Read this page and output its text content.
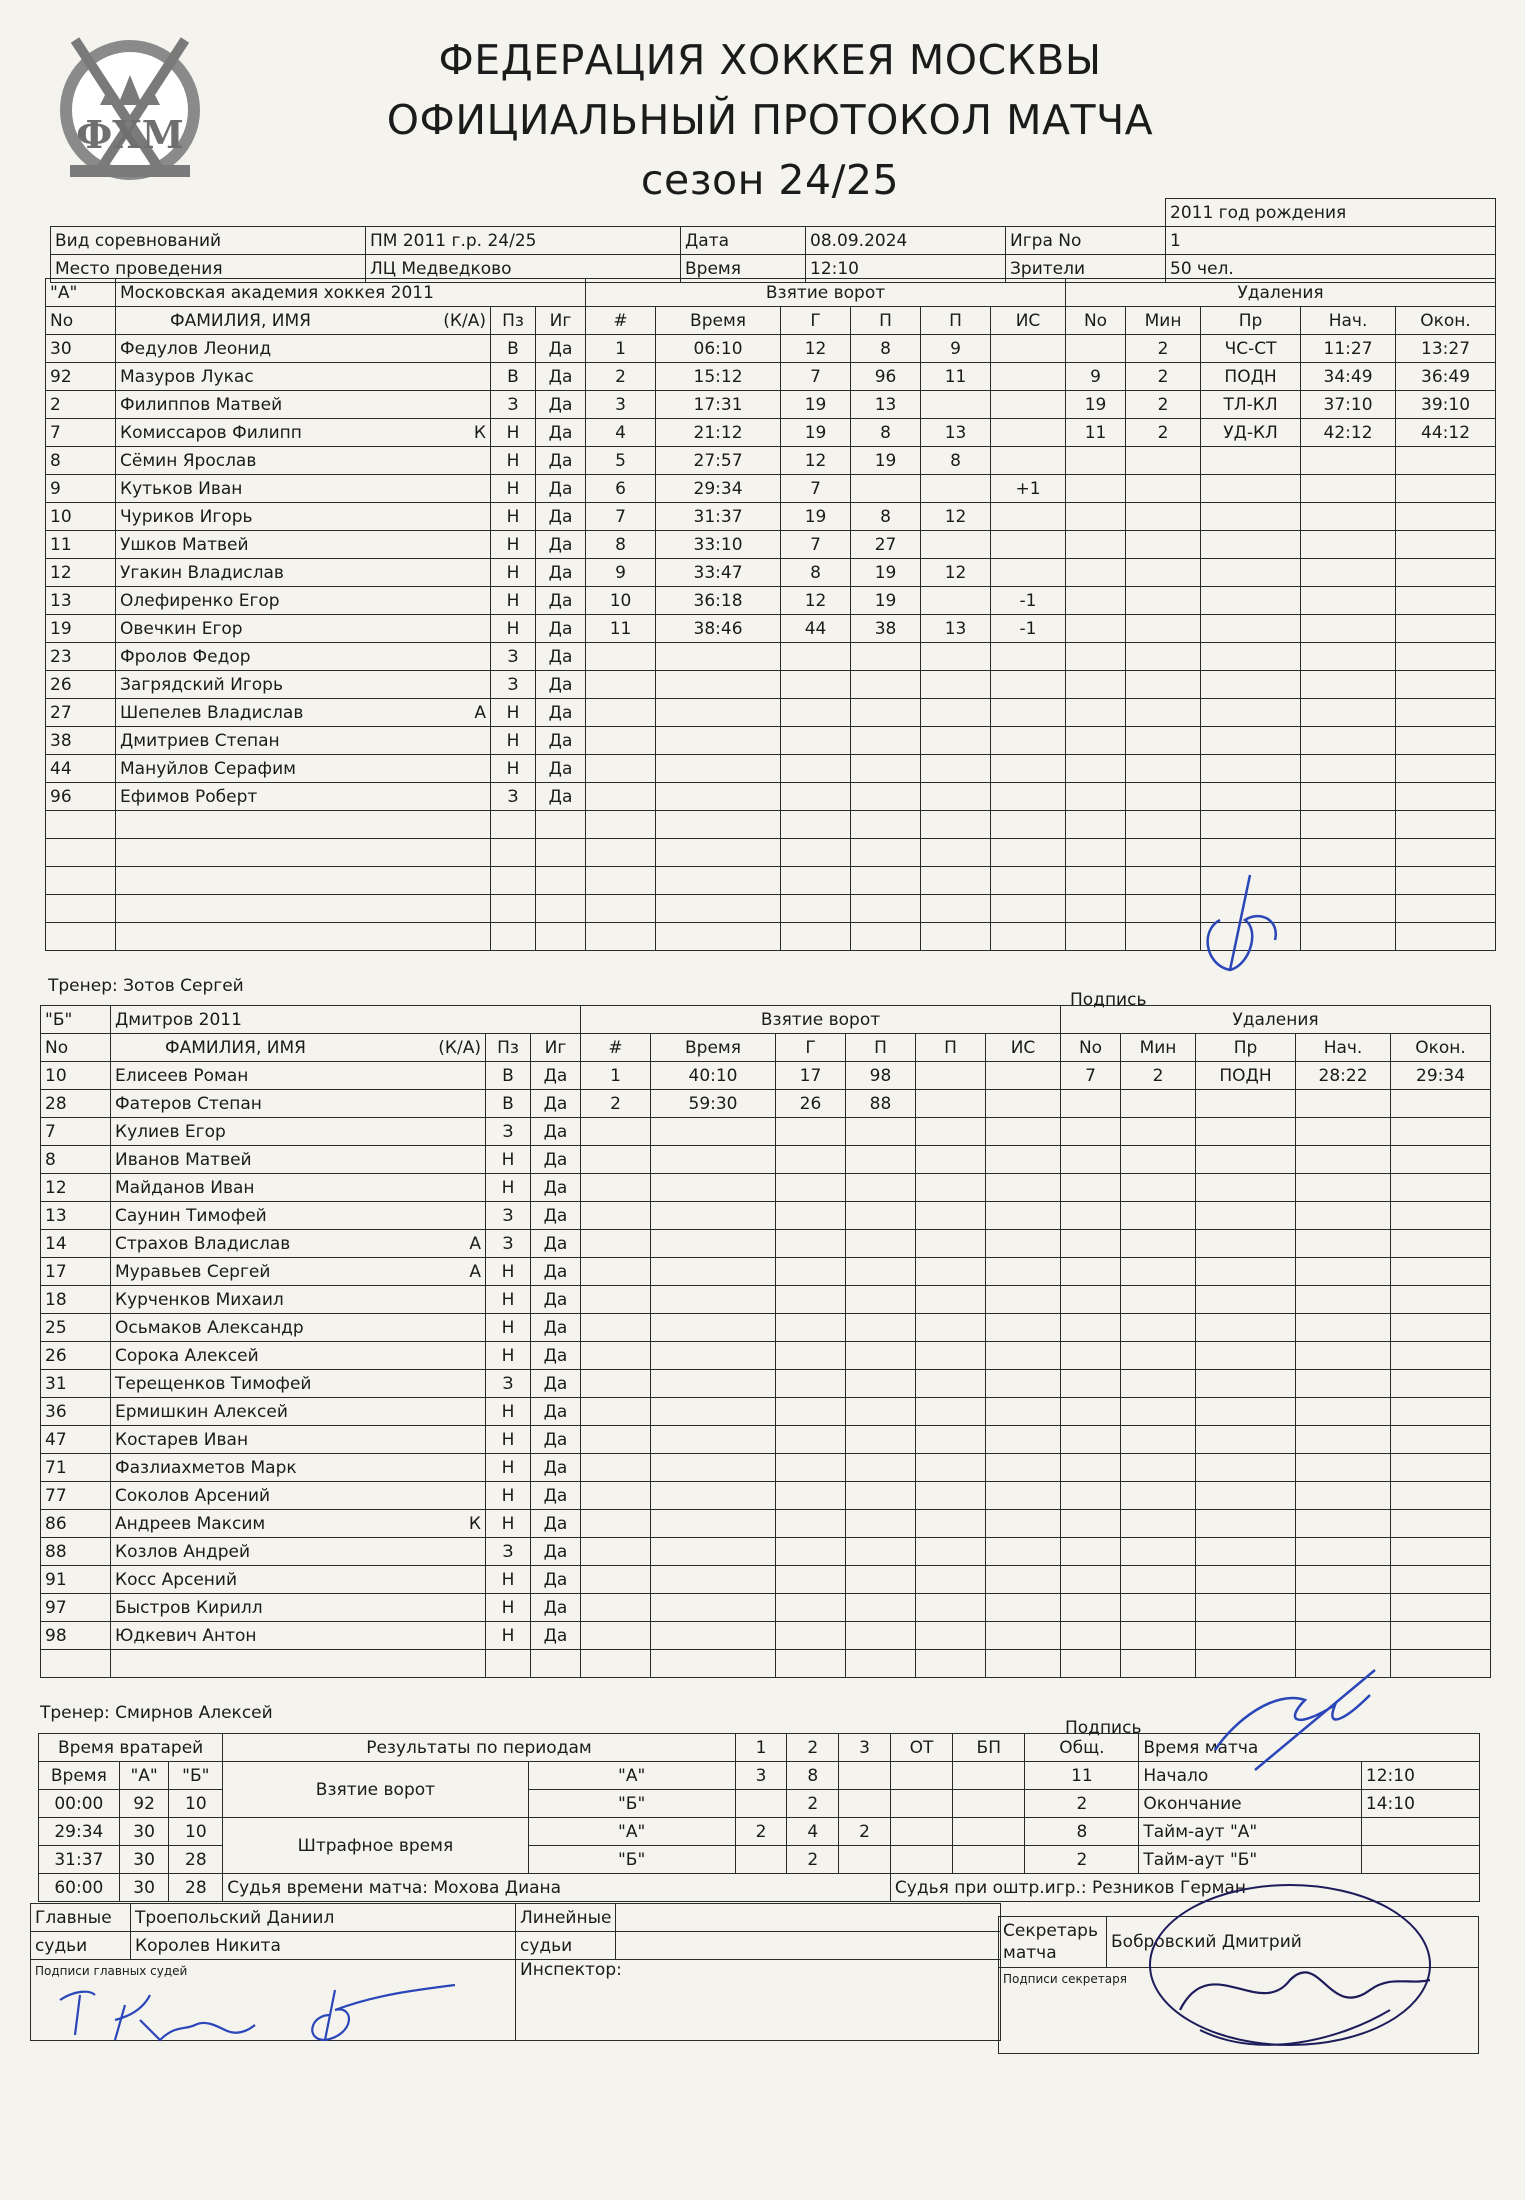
ФХМ
ФЕДЕРАЦИЯ ХОККЕЯ МОСКВЫ
ОФИЦИАЛЬНЫЙ ПРОТОКОЛ МАТЧА
сезон 24/25
					2011 год рождения
Вид соревнований	ПМ 2011 г.р. 24/25	Дата	08.09.2024	Игра No	1
Место проведения	ЛЦ Медведково	Время	12:10	Зрители	50 чел.
"А"	Московская академия хоккея 2011			Взятие ворот						Удаления				
No	ФАМИЛИЯ, ИМЯ (К/А)	Пз	Иг	#	Время	Г	П	П	ИС	No	Мин	Пр	Нач.	Окон.
30	Федулов Леонид	В	Да	1	06:10	12	8	9			2	ЧС-СТ	11:27	13:27
92	Мазуров Лукас	В	Да	2	15:12	7	96	11		9	2	ПОДН	34:49	36:49
2	Филиппов Матвей	З	Да	3	17:31	19	13			19	2	ТЛ-КЛ	37:10	39:10
7	Комиссаров Филипп К	Н	Да	4	21:12	19	8	13		11	2	УД-КЛ	42:12	44:12
8	Сёмин Ярослав	Н	Да	5	27:57	12	19	8						
9	Кутьков Иван	Н	Да	6	29:34	7			+1					
10	Чуриков Игорь	Н	Да	7	31:37	19	8	12						
11	Ушков Матвей	Н	Да	8	33:10	7	27							
12	Угакин Владислав	Н	Да	9	33:47	8	19	12						
13	Олефиренко Егор	Н	Да	10	36:18	12	19		-1					
19	Овечкин Егор	Н	Да	11	38:46	44	38	13	-1					
23	Фролов Федор	З	Да											
26	Загрядский Игорь	З	Да											
27	Шепелев Владислав А	Н	Да											
38	Дмитриев Степан	Н	Да											
44	Мануйлов Серафим	Н	Да											
96	Ефимов Роберт	З	Да											

Тренер: Зотов Сергей
Подпись
"Б"	Дмитров 2011			Взятие ворот						Удаления				
No	ФАМИЛИЯ, ИМЯ (К/А)	Пз	Иг	#	Время	Г	П	П	ИС	No	Мин	Пр	Нач.	Окон.
10	Елисеев Роман	В	Да	1	40:10	17	98			7	2	ПОДН	28:22	29:34
28	Фатеров Степан	В	Да	2	59:30	26	88							
7	Кулиев Егор	З	Да											
8	Иванов Матвей	Н	Да											
12	Майданов Иван	Н	Да											
13	Саунин Тимофей	З	Да											
14	Страхов Владислав А	З	Да											
17	Муравьев Сергей А	Н	Да											
18	Курченков Михаил	Н	Да											
25	Осьмаков Александр	Н	Да											
26	Сорока Алексей	Н	Да											
31	Терещенков Тимофей	З	Да											
36	Ермишкин Алексей	Н	Да											
47	Костарев Иван	Н	Да											
71	Фазлиахметов Марк	Н	Да											
77	Соколов Арсений	Н	Да											
86	Андреев Максим К	Н	Да											
88	Козлов Андрей	З	Да											
91	Косс Арсений	Н	Да											
97	Быстров Кирилл	Н	Да											
98	Юдкевич Антон	Н	Да											

Тренер: Смирнов Алексей
Подпись
Время вратарей			Результаты по периодам		1	2	3	ОТ	БП	Общ.	Время матча	
Время	"А"	"Б"	Взятие ворот	"А"	3	8				11	Начало	12:10
00:00	92	10		"Б"		2				2	Окончание	14:10
29:34	30	10	Штрафное время	"А"	2	4	2			8	Тайм-аут "А"	
31:37	30	28		"Б"		2				2	Тайм-аут "Б"	
60:00	30	28	Судья времени матча: Мохова Диана					Судья при оштр.игр.: Резников Герман				
Главные	Троепольский Даниил	Линейные	
судьи	Королев Никита	судьи	
Подписи главных судей		Инспектор:	
Секретарь
матча	Бобровский Дмитрий
Подписи секретаря
